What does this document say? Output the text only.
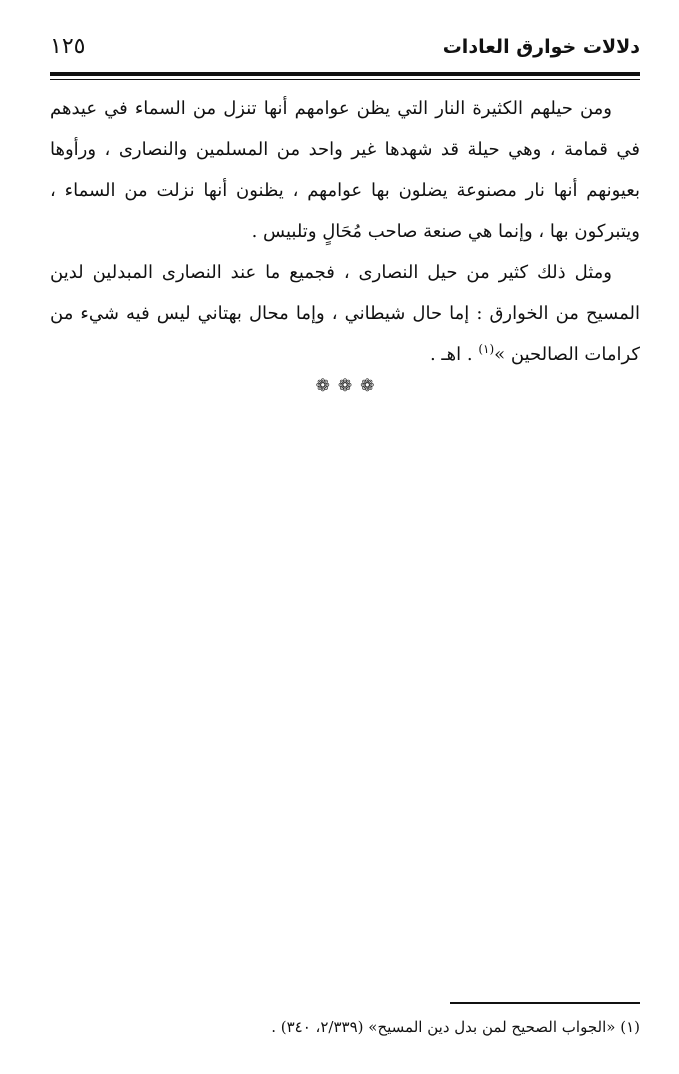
دلالات خوارق العادات
١٢٥

ومن حيلهم الكثيرة النار التي يظن عوامهم أنها تنزل من السماء في عيدهم في قمامة ، وهي حيلة قد شهدها غير واحد من المسلمين والنصارى ، ورأوها بعيونهم أنها نار مصنوعة يضلون بها عوامهم ، يظنون أنها نزلت من السماء ، ويتبركون بها ، وإنما هي صنعة صاحب مُحَالٍ وتلبيس .

ومثل ذلك كثير من حيل النصارى ، فجميع ما عند النصارى المبدلين لدين المسيح من الخوارق : إما حال شيطاني ، وإما محال بهتاني ليس فيه شيء من كرامات الصالحين »$^{(١)}$ . اهـ .

❁ ❁ ❁
(١) «الجواب الصحيح لمن بدل دين المسيح» (٢/٣٣٩، ٣٤٠) .
